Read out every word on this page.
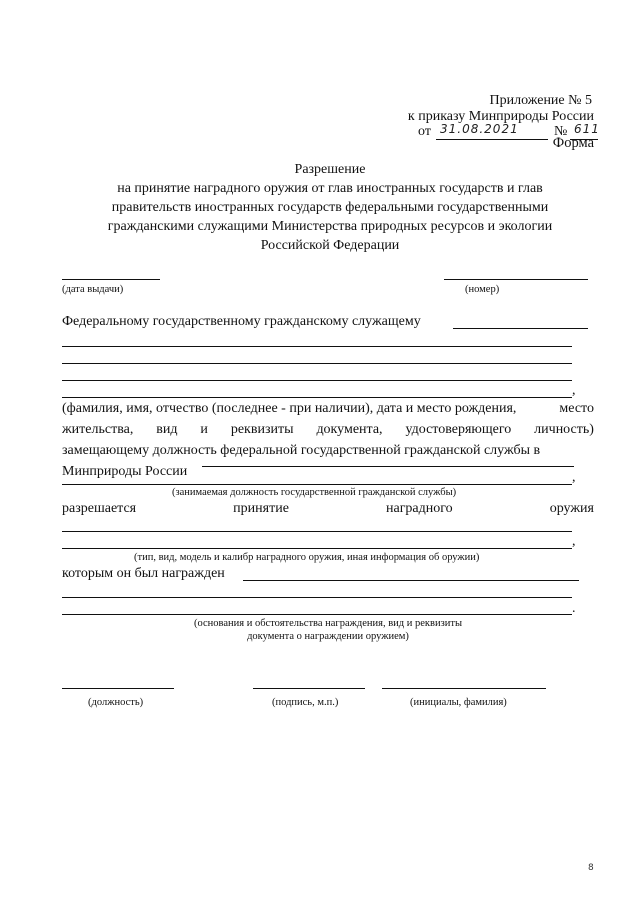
Приложение № 5
к приказу Минприроды России
от 31.08.2021	№ 611
Форма
Разрешение
на принятие наградного оружия от глав иностранных государств и глав
правительств иностранных государств федеральными государственными
гражданскими служащими Министерства природных ресурсов и экологии
Российской Федерации
(дата выдачи)	(номер)
Федеральному государственному гражданскому служащему
,
(фамилия, имя, отчество (последнее - при наличии), дата и место рождения,	место
жительства, вид и реквизиты документа, удостоверяющего личность)
замещающему должность федеральной государственной гражданской службы в
Минприроды России	,
(занимаемая должность государственной гражданской службы)
разрешается	принятие	наградного	оружия
,
(тип, вид, модель и калибр наградного оружия, иная информация об оружии)
которым он был награжден
.
(основания и обстоятельства награждения, вид и реквизиты
документа о награждении оружием)
(должность)	(подпись, м.п.)	(инициалы, фамилия)
8
